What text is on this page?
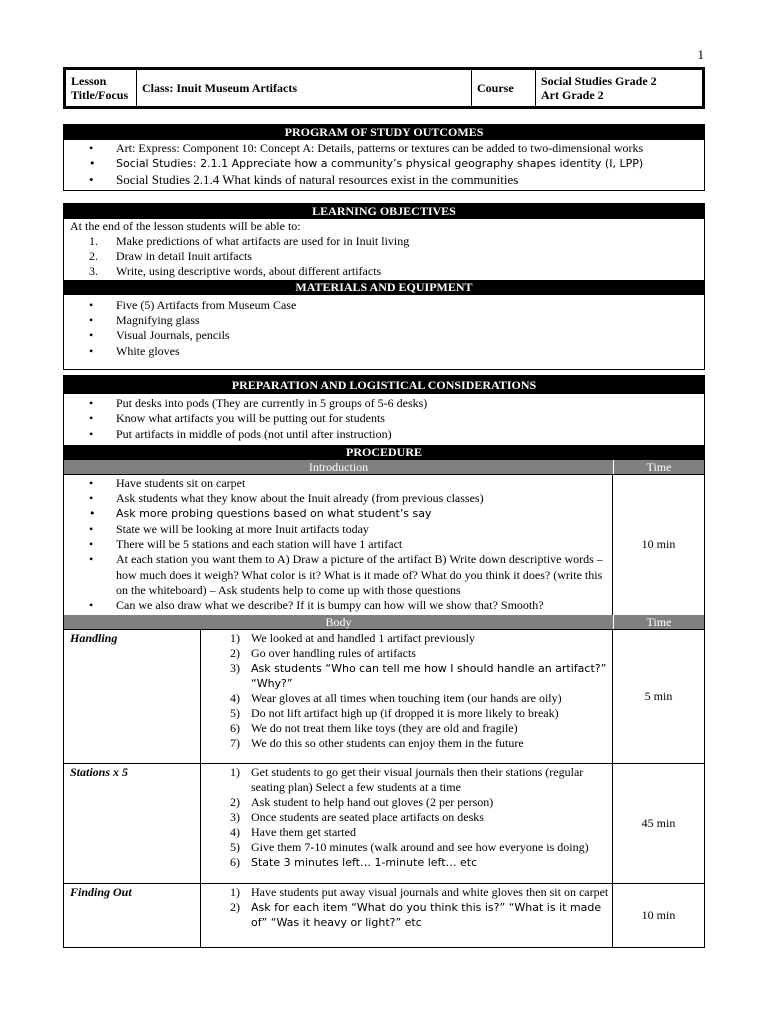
1
Lesson Title/Focus	Class: Inuit Museum Artifacts	Course	Social Studies Grade 2
Art Grade 2
PROGRAM OF STUDY OUTCOMES
• Art: Express: Component 10: Concept A: Details, patterns or textures can be added to two-dimensional works
• Social Studies: 2.1.1 Appreciate how a community’s physical geography shapes identity (I, LPP)
• Social Studies 2.1.4 What kinds of natural resources exist in the communities
LEARNING OBJECTIVES
At the end of the lesson students will be able to:
1. Make predictions of what artifacts are used for in Inuit living
2. Draw in detail Inuit artifacts
3. Write, using descriptive words, about different artifacts
MATERIALS AND EQUIPMENT
• Five (5) Artifacts from Museum Case
• Magnifying glass
• Visual Journals, pencils
• White gloves
PREPARATION AND LOGISTICAL CONSIDERATIONS
• Put desks into pods (They are currently in 5 groups of 5-6 desks)
• Know what artifacts you will be putting out for students
• Put artifacts in middle of pods (not until after instruction)
PROCEDURE
Introduction	Time
• Have students sit on carpet
• Ask students what they know about the Inuit already (from previous classes)
• Ask more probing questions based on what student’s say
• State we will be looking at more Inuit artifacts today
• There will be 5 stations and each station will have 1 artifact
• At each station you want them to A) Draw a picture of the artifact B) Write down descriptive words – how much does it weigh? What color is it? What is it made of? What do you think it does? (write this on the whiteboard) – Ask students help to come up with those questions
• Can we also draw what we describe? If it is bumpy can how will we show that? Smooth?
10 min
Body	Time
Handling	1) We looked at and handled 1 artifact previously
2) Go over handling rules of artifacts
3) Ask students “Who can tell me how I should handle an artifact?” “Why?”
4) Wear gloves at all times when touching item (our hands are oily)
5) Do not lift artifact high up (if dropped it is more likely to break)
6) We do not treat them like toys (they are old and fragile)
7) We do this so other students can enjoy them in the future
5 min
Stations x 5	1) Get students to go get their visual journals then their stations (regular seating plan) Select a few students at a time
2) Ask student to help hand out gloves (2 per person)
3) Once students are seated place artifacts on desks
4) Have them get started
5) Give them 7-10 minutes (walk around and see how everyone is doing)
6) State 3 minutes left… 1-minute left… etc
45 min
Finding Out	1) Have students put away visual journals and white gloves then sit on carpet
2) Ask for each item “What do you think this is?” “What is it made of” “Was it heavy or light?” etc
10 min
